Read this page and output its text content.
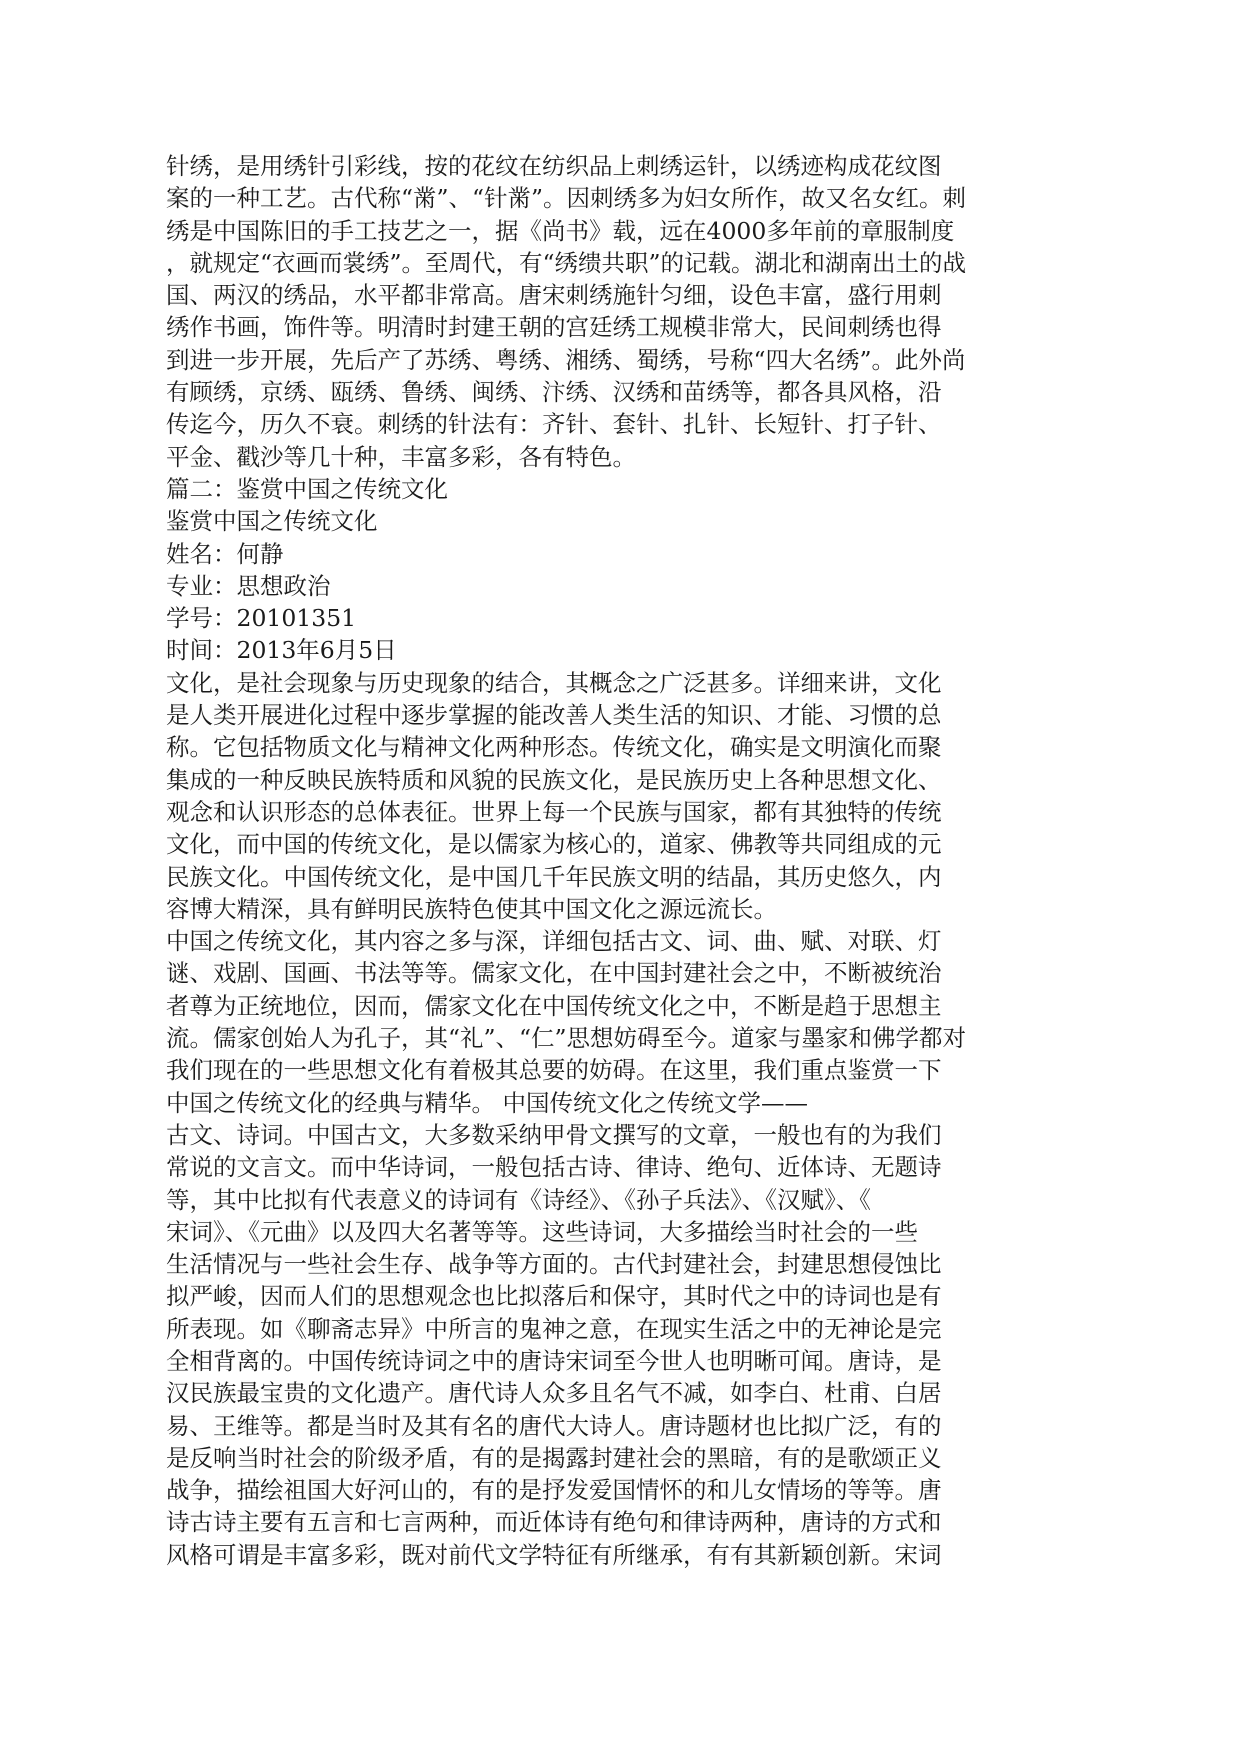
针绣，是用绣针引彩线，按的花纹在纺织品上刺绣运针，以绣迹构成花纹图
案的一种工艺。古代称“黹”、“针黹”。因刺绣多为妇女所作，故又名女红。刺
绣是中国陈旧的手工技艺之一，据《尚书》载，远在4000多年前的章服制度
，就规定“衣画而裳绣”。至周代，有“绣缋共职”的记载。湖北和湖南出土的战
国、两汉的绣品，水平都非常高。唐宋刺绣施针匀细，设色丰富，盛行用刺
绣作书画，饰件等。明清时封建王朝的宫廷绣工规模非常大，民间刺绣也得
到进一步开展，先后产了苏绣、粤绣、湘绣、蜀绣，号称“四大名绣”。此外尚
有顾绣，京绣、瓯绣、鲁绣、闽绣、汴绣、汉绣和苗绣等，都各具风格，沿
传迄今，历久不衰。刺绣的针法有：齐针、套针、扎针、长短针、打子针、
平金、戳沙等几十种，丰富多彩，各有特色。
篇二：鉴赏中国之传统文化
鉴赏中国之传统文化
姓名：何静
专业：思想政治
学号：20101351
时间：2013年6月5日
文化，是社会现象与历史现象的结合，其概念之广泛甚多。详细来讲，文化
是人类开展进化过程中逐步掌握的能改善人类生活的知识、才能、习惯的总
称。它包括物质文化与精神文化两种形态。传统文化，确实是文明演化而聚
集成的一种反映民族特质和风貌的民族文化，是民族历史上各种思想文化、
观念和认识形态的总体表征。世界上每一个民族与国家，都有其独特的传统
文化，而中国的传统文化，是以儒家为核心的，道家、佛教等共同组成的元
民族文化。中国传统文化，是中国几千年民族文明的结晶，其历史悠久，内
容博大精深，具有鲜明民族特色使其中国文化之源远流长。
中国之传统文化，其内容之多与深，详细包括古文、词、曲、赋、对联、灯
谜、戏剧、国画、书法等等。儒家文化，在中国封建社会之中，不断被统治
者尊为正统地位，因而，儒家文化在中国传统文化之中，不断是趋于思想主
流。儒家创始人为孔子，其“礼”、“仁”思想妨碍至今。道家与墨家和佛学都对
我们现在的一些思想文化有着极其总要的妨碍。在这里，我们重点鉴赏一下
中国之传统文化的经典与精华。 中国传统文化之传统文学——
古文、诗词。中国古文，大多数采纳甲骨文撰写的文章，一般也有的为我们
常说的文言文。而中华诗词，一般包括古诗、律诗、绝句、近体诗、无题诗
等，其中比拟有代表意义的诗词有《诗经》、《孙子兵法》、《汉赋》、《
宋词》、《元曲》以及四大名著等等。这些诗词，大多描绘当时社会的一些
生活情况与一些社会生存、战争等方面的。古代封建社会，封建思想侵蚀比
拟严峻，因而人们的思想观念也比拟落后和保守，其时代之中的诗词也是有
所表现。如《聊斋志异》中所言的鬼神之意，在现实生活之中的无神论是完
全相背离的。中国传统诗词之中的唐诗宋词至今世人也明晰可闻。唐诗，是
汉民族最宝贵的文化遗产。唐代诗人众多且名气不减，如李白、杜甫、白居
易、王维等。都是当时及其有名的唐代大诗人。唐诗题材也比拟广泛，有的
是反响当时社会的阶级矛盾，有的是揭露封建社会的黑暗，有的是歌颂正义
战争，描绘祖国大好河山的，有的是抒发爱国情怀的和儿女情场的等等。唐
诗古诗主要有五言和七言两种，而近体诗有绝句和律诗两种，唐诗的方式和
风格可谓是丰富多彩，既对前代文学特征有所继承，有有其新颖创新。宋词
